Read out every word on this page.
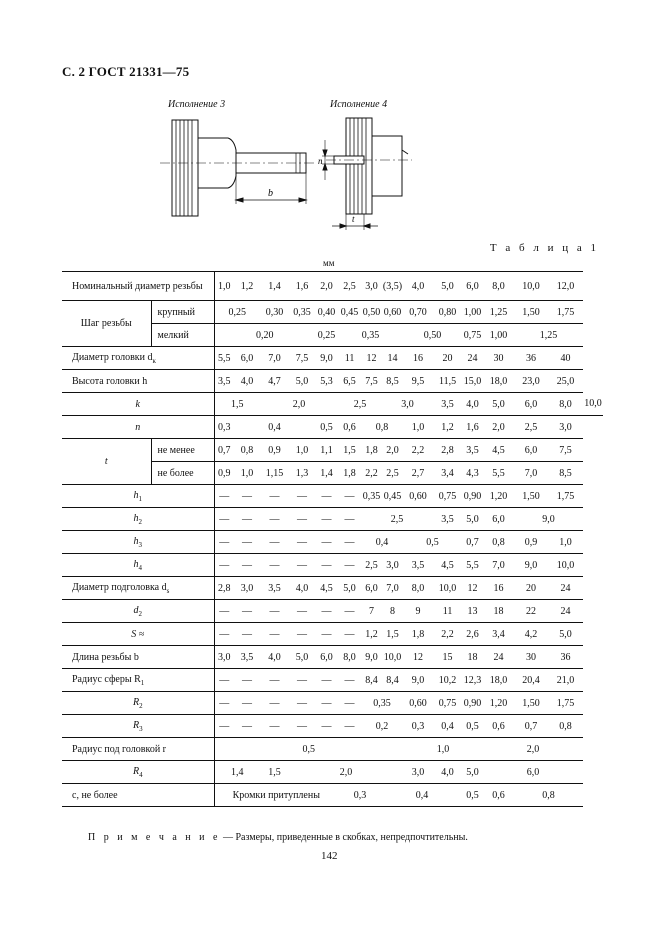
С. 2 ГОСТ 21331—75
Исполнение 3	Исполнение 4
b
n
t
Т а б л и ц а 1
мм
Номинальный диаметр резьбы		1,0	1,2	1,4	1,6	2,0	2,5	3,0	(3,5)	4,0	5,0	6,0	8,0	10,0	12,0	
Шаг резьбы	крупный	0,25		0,30	0,35	0,40	0,45	0,50	0,60	0,70	0,80	1,00	1,25	1,50	1,75	
	мелкий	0,20				0,25	0,35			0,50		0,75	1,00	1,25		
Диаметр головки $d_к$		5,5	6,0	7,0	7,5	9,0	11	12	14	16	20	24	30	36	40	
Высота головки h		3,5	4,0	4,7	5,0	5,3	6,5	7,5	8,5	9,5	11,5	15,0	18,0	23,0	25,0	
k		1,5		2,0			2,5		3,0		3,5	4,0	5,0	6,0	8,0	10,0
n		0,3	0,4			0,5	0,6	0,8		1,0	1,2	1,6	2,0	2,5	3,0	
t	не менее	0,7	0,8	0,9	1,0	1,1	1,5	1,8	2,0	2,2	2,8	3,5	4,5	6,0	7,5	
	не более	0,9	1,0	1,15	1,3	1,4	1,8	2,2	2,5	2,7	3,4	4,3	5,5	7,0	8,5	
$h_1$		—	—	—	—	—	—	0,35	0,45	0,60	0,75	0,90	1,20	1,50	1,75	
$h_2$		—	—	—	—	—	—	2,5			3,5	5,0	6,0	9,0		
$h_3$		—	—	—	—	—	—	0,4		0,5		0,7	0,8	0,9	1,0	
$h_4$		—	—	—	—	—	—	2,5	3,0	3,5	4,5	5,5	7,0	9,0	10,0	
Диаметр подголовка $d_s$		2,8	3,0	3,5	4,0	4,5	5,0	6,0	7,0	8,0	10,0	12	16	20	24	
$d_2$		—	—	—	—	—	—	7	8	9	11	13	18	22	24	
S ≈		—	—	—	—	—	—	1,2	1,5	1,8	2,2	2,6	3,4	4,2	5,0	
Длина резьбы b		3,0	3,5	4,0	5,0	6,0	8,0	9,0	10,0	12	15	18	24	30	36	
Радиус сферы $R_1$		—	—	—	—	—	—	8,4	8,4	9,0	10,2	12,3	18,0	20,4	21,0	
$R_2$		—	—	—	—	—	—	0,35		0,60	0,75	0,90	1,20	1,50	1,75	
$R_3$		—	—	—	—	—	—	0,2		0,3	0,4	0,5	0,6	0,7	0,8	
Радиус под головкой r		0,5								1,0			2,0			
$R_4$		1,4		1,5	2,0					3,0	4,0	5,0	6,0			
с, не более		Кромки притуплены					0,3		0,4			0,5	0,6	0,8		
П р и м е ч а н и е — Размеры, приведенные в скобках, непредпочтительны.
142
